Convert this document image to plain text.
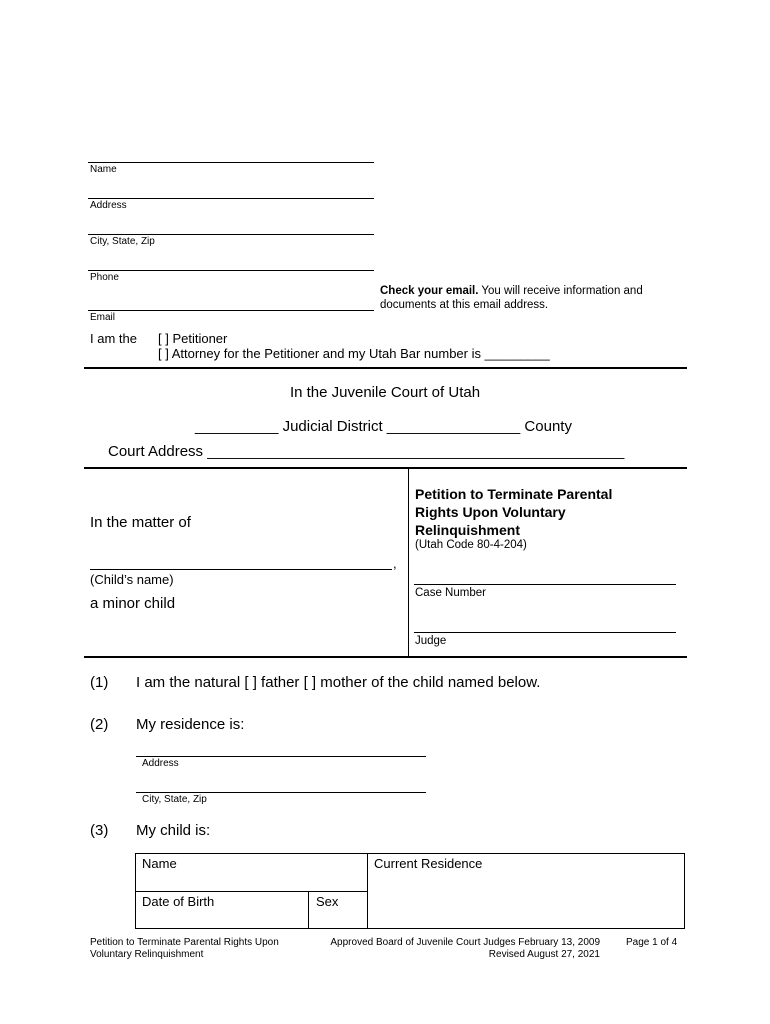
Name
Address
City, State, Zip
Phone
Check your email. You will receive information and
documents at this email address.
Email
I am the [ ] Petitioner
[ ] Attorney for the Petitioner and my Utah Bar number is _________
In the Juvenile Court of Utah
__________ Judicial District ________________ County
Court Address __________________________________________________
In the matter of
,
(Child’s name)
a minor child
Petition to Terminate Parental
Rights Upon Voluntary
Relinquishment
(Utah Code 80-4-204)
Case Number
Judge
(1) I am the natural [ ] father [ ] mother of the child named below.
(2) My residence is:
Address
City, State, Zip
(3) My child is:
Name	Current Residence
Date of Birth	Sex
Petition to Terminate Parental Rights Upon
Voluntary Relinquishment
Approved Board of Juvenile Court Judges February 13, 2009
Revised August 27, 2021
Page 1 of 4
